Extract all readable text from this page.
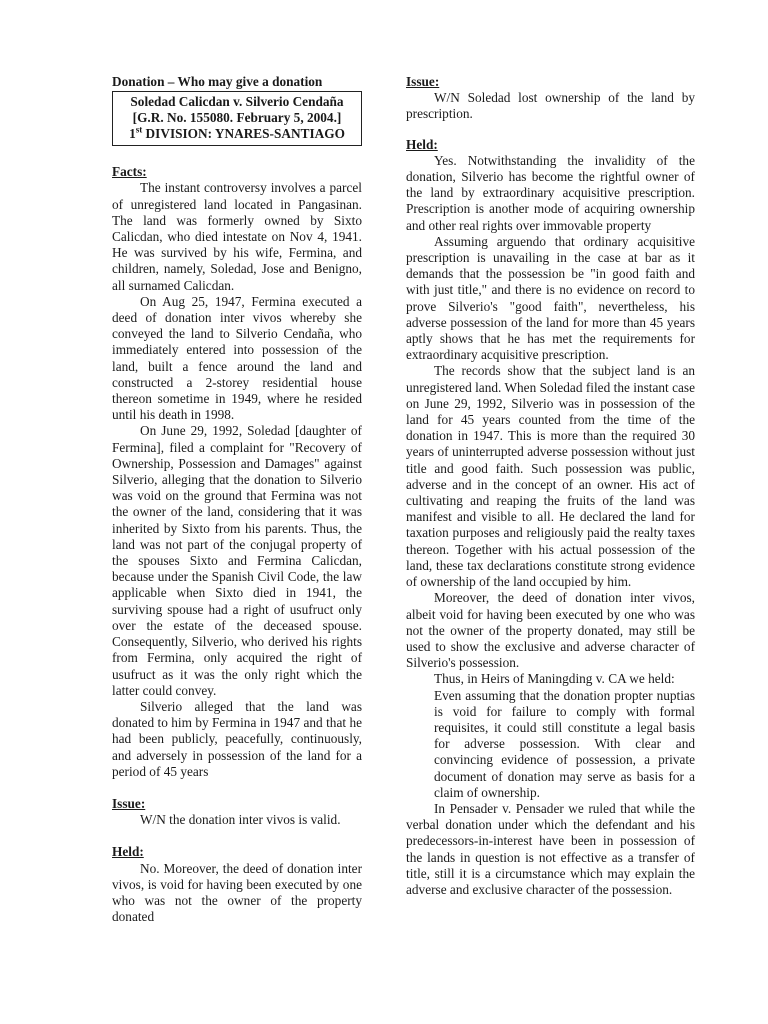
Donation – Who may give a donation
Soledad Calicdan v. Silverio Cendaña
[G.R. No. 155080. February 5, 2004.]
1st DIVISION: YNARES-SANTIAGO
Facts:

The instant controversy involves a parcel of unregistered land located in Pangasinan. The land was formerly owned by Sixto Calicdan, who died intestate on Nov 4, 1941. He was survived by his wife, Fermina, and children, namely, Soledad, Jose and Benigno, all surnamed Calicdan.

On Aug 25, 1947, Fermina executed a deed of donation inter vivos whereby she conveyed the land to Silverio Cendaña, who immediately entered into possession of the land, built a fence around the land and constructed a 2-storey residential house thereon sometime in 1949, where he resided until his death in 1998.

On June 29, 1992, Soledad [daughter of Fermina], filed a complaint for "Recovery of Ownership, Possession and Damages" against Silverio, alleging that the donation to Silverio was void on the ground that Fermina was not the owner of the land, considering that it was inherited by Sixto from his parents. Thus, the land was not part of the conjugal property of the spouses Sixto and Fermina Calicdan, because under the Spanish Civil Code, the law applicable when Sixto died in 1941, the surviving spouse had a right of usufruct only over the estate of the deceased spouse. Consequently, Silverio, who derived his rights from Fermina, only acquired the right of usufruct as it was the only right which the latter could convey.

Silverio alleged that the land was donated to him by Fermina in 1947 and that he had been publicly, peacefully, continuously, and adversely in possession of the land for a period of 45 years

Issue:

W/N the donation inter vivos is valid.

Held:

No. Moreover, the deed of donation inter vivos, is void for having been executed by one who was not the owner of the property donated

Issue:

W/N Soledad lost ownership of the land by prescription.

Held:

Yes. Notwithstanding the invalidity of the donation, Silverio has become the rightful owner of the land by extraordinary acquisitive prescription. Prescription is another mode of acquiring ownership and other real rights over immovable property

Assuming arguendo that ordinary acquisitive prescription is unavailing in the case at bar as it demands that the possession be "in good faith and with just title," and there is no evidence on record to prove Silverio's "good faith", nevertheless, his adverse possession of the land for more than 45 years aptly shows that he has met the requirements for extraordinary acquisitive prescription.

The records show that the subject land is an unregistered land. When Soledad filed the instant case on June 29, 1992, Silverio was in possession of the land for 45 years counted from the time of the donation in 1947. This is more than the required 30 years of uninterrupted adverse possession without just title and good faith. Such possession was public, adverse and in the concept of an owner. His act of cultivating and reaping the fruits of the land was manifest and visible to all. He declared the land for taxation purposes and religiously paid the realty taxes thereon. Together with his actual possession of the land, these tax declarations constitute strong evidence of ownership of the land occupied by him.

Moreover, the deed of donation inter vivos, albeit void for having been executed by one who was not the owner of the property donated, may still be used to show the exclusive and adverse character of Silverio's possession.

Thus, in Heirs of Maningding v. CA we held:

Even assuming that the donation propter nuptias is void for failure to comply with formal requisites, it could still constitute a legal basis for adverse possession. With clear and convincing evidence of possession, a private document of donation may serve as basis for a claim of ownership.

In Pensader v. Pensader we ruled that while the verbal donation under which the defendant and his predecessors-in-interest have been in possession of the lands in question is not effective as a transfer of title, still it is a circumstance which may explain the adverse and exclusive character of the possession.
